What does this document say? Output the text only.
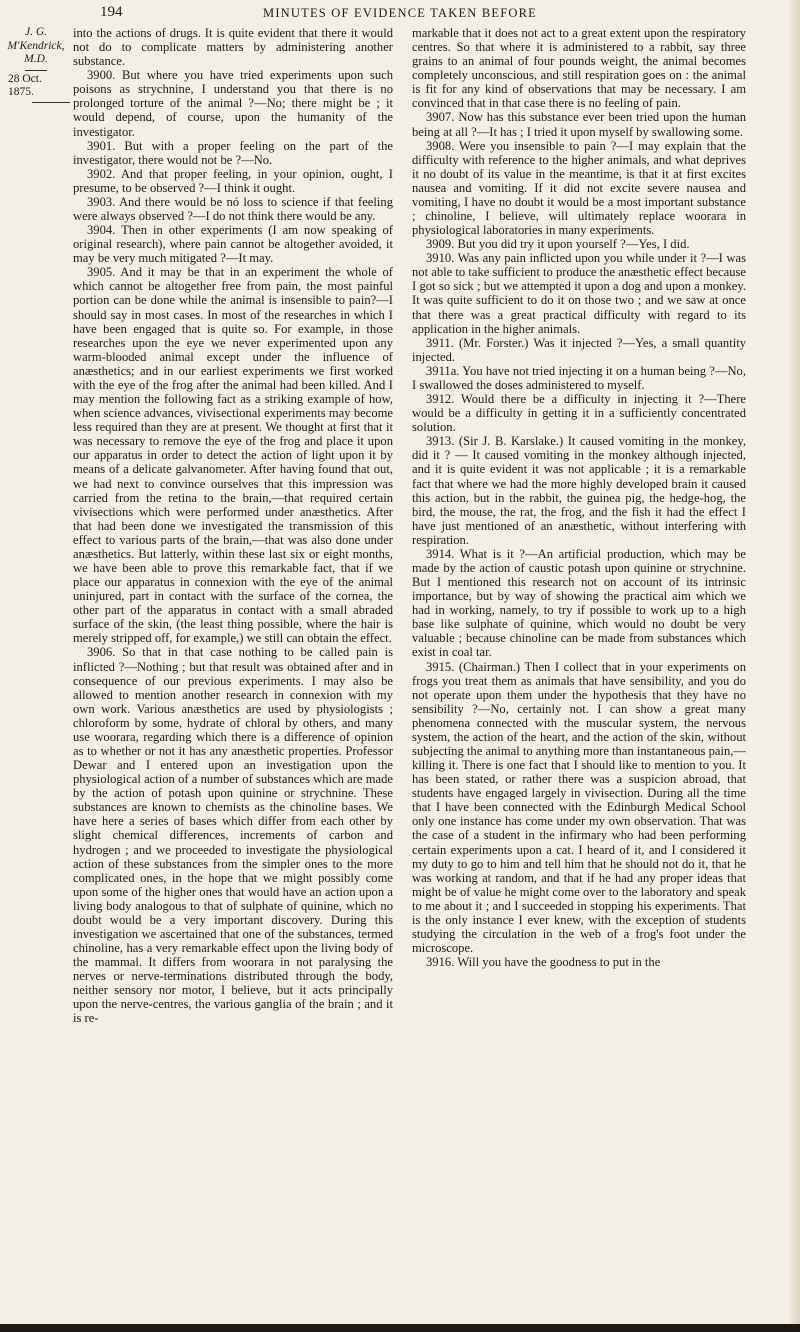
194	MINUTES OF EVIDENCE TAKEN BEFORE
J. G.
M'Kendrick,
M.D.
28 Oct. 1875.

into the actions of drugs. It is quite evident that there it would not do to complicate matters by administering another substance.

3900. But where you have tried experiments upon such poisons as strychnine, I understand you that there is no prolonged torture of the animal ?—No; there might be ; it would depend, of course, upon the humanity of the investigator.

3901. But with a proper feeling on the part of the investigator, there would not be ?—No.

3902. And that proper feeling, in your opinion, ought, I presume, to be observed ?—I think it ought.

3903. And there would be nó loss to science if that feeling were always observed ?—I do not think there would be any.

3904. Then in other experiments (I am now speaking of original research), where pain cannot be altogether avoided, it may be very much mitigated ?—It may.

3905. And it may be that in an experiment the whole of which cannot be altogether free from pain, the most painful portion can be done while the animal is insensible to pain?—I should say in most cases. In most of the researches in which I have been engaged that is quite so. For example, in those researches upon the eye we never experimented upon any warm-blooded animal except under the influence of anæsthetics; and in our earliest experiments we first worked with the eye of the frog after the animal had been killed. And I may mention the following fact as a striking example of how, when science advances, vivisectional experiments may become less required than they are at present. We thought at first that it was necessary to remove the eye of the frog and place it upon our apparatus in order to detect the action of light upon it by means of a delicate galvanometer. After having found that out, we had next to convince ourselves that this impression was carried from the retina to the brain,—that required certain vivisections which were performed under anæsthetics. After that had been done we investigated the transmission of this effect to various parts of the brain,—that was also done under anæsthetics. But latterly, within these last six or eight months, we have been able to prove this remarkable fact, that if we place our apparatus in connexion with the eye of the animal uninjured, part in contact with the surface of the cornea, the other part of the apparatus in contact with a small abraded surface of the skin, (the least thing possible, where the hair is merely stripped off, for example,) we still can obtain the effect.

3906. So that in that case nothing to be called pain is inflicted ?—Nothing ; but that result was obtained after and in consequence of our previous experiments. I may also be allowed to mention another research in connexion with my own work. Various anæsthetics are used by physiologists ; chloroform by some, hydrate of chloral by others, and many use woorara, regarding which there is a difference of opinion as to whether or not it has any anæsthetic properties. Professor Dewar and I entered upon an investigation upon the physiological action of a number of substances which are made by the action of potash upon quinine or strychnine. These substances are known to chemists as the chinoline bases. We have here a series of bases which differ from each other by slight chemical differences, increments of carbon and hydrogen ; and we proceeded to investigate the physiological action of these substances from the simpler ones to the more complicated ones, in the hope that we might possibly come upon some of the higher ones that would have an action upon a living body analogous to that of sulphate of quinine, which no doubt would be a very important discovery. During this investigation we ascertained that one of the substances, termed chinoline, has a very remarkable effect upon the living body of the mammal. It differs from woorara in not paralysing the nerves or nerve-terminations distributed through the body, neither sensory nor motor, I believe, but it acts principally upon the nerve-centres, the various ganglia of the brain ; and it is re-

markable that it does not act to a great extent upon the respiratory centres. So that where it is administered to a rabbit, say three grains to an animal of four pounds weight, the animal becomes completely unconscious, and still respiration goes on : the animal is fit for any kind of observations that may be necessary. I am convinced that in that case there is no feeling of pain.

3907. Now has this substance ever been tried upon the human being at all ?—It has ; I tried it upon myself by swallowing some.

3908. Were you insensible to pain ?—I may explain that the difficulty with reference to the higher animals, and what deprives it no doubt of its value in the meantime, is that it at first excites nausea and vomiting. If it did not excite severe nausea and vomiting, I have no doubt it would be a most important substance ; chinoline, I believe, will ultimately replace woorara in physiological laboratories in many experiments.

3909. But you did try it upon yourself ?—Yes, I did.

3910. Was any pain inflicted upon you while under it ?—I was not able to take sufficient to produce the anæsthetic effect because I got so sick ; but we attempted it upon a dog and upon a monkey. It was quite sufficient to do it on those two ; and we saw at once that there was a great practical difficulty with regard to its application in the higher animals.

3911. (Mr. Forster.) Was it injected ?—Yes, a small quantity injected.

3911a. You have not tried injecting it on a human being ?—No, I swallowed the doses administered to myself.

3912. Would there be a difficulty in injecting it ?—There would be a difficulty in getting it in a sufficiently concentrated solution.

3913. (Sir J. B. Karslake.) It caused vomiting in the monkey, did it ? — It caused vomiting in the monkey although injected, and it is quite evident it was not applicable ; it is a remarkable fact that where we had the more highly developed brain it caused this action, but in the rabbit, the guinea pig, the hedge-hog, the bird, the mouse, the rat, the frog, and the fish it had the effect I have just mentioned of an anæsthetic, without interfering with respiration.

3914. What is it ?—An artificial production, which may be made by the action of caustic potash upon quinine or strychnine. But I mentioned this research not on account of its intrinsic importance, but by way of showing the practical aim which we had in working, namely, to try if possible to work up to a high base like sulphate of quinine, which would no doubt be very valuable ; because chinoline can be made from substances which exist in coal tar.

3915. (Chairman.) Then I collect that in your experiments on frogs you treat them as animals that have sensibility, and you do not operate upon them under the hypothesis that they have no sensibility ?—No, certainly not. I can show a great many phenomena connected with the muscular system, the nervous system, the action of the heart, and the action of the skin, without subjecting the animal to anything more than instantaneous pain,—killing it. There is one fact that I should like to mention to you. It has been stated, or rather there was a suspicion abroad, that students have engaged largely in vivisection. During all the time that I have been connected with the Edinburgh Medical School only one instance has come under my own observation. That was the case of a student in the infirmary who had been performing certain experiments upon a cat. I heard of it, and I considered it my duty to go to him and tell him that he should not do it, that he was working at random, and that if he had any proper ideas that might be of value he might come over to the laboratory and speak to me about it ; and I succeeded in stopping his experiments. That is the only instance I ever knew, with the exception of students studying the circulation in the web of a frog's foot under the microscope.

3916. Will you have the goodness to put in the
